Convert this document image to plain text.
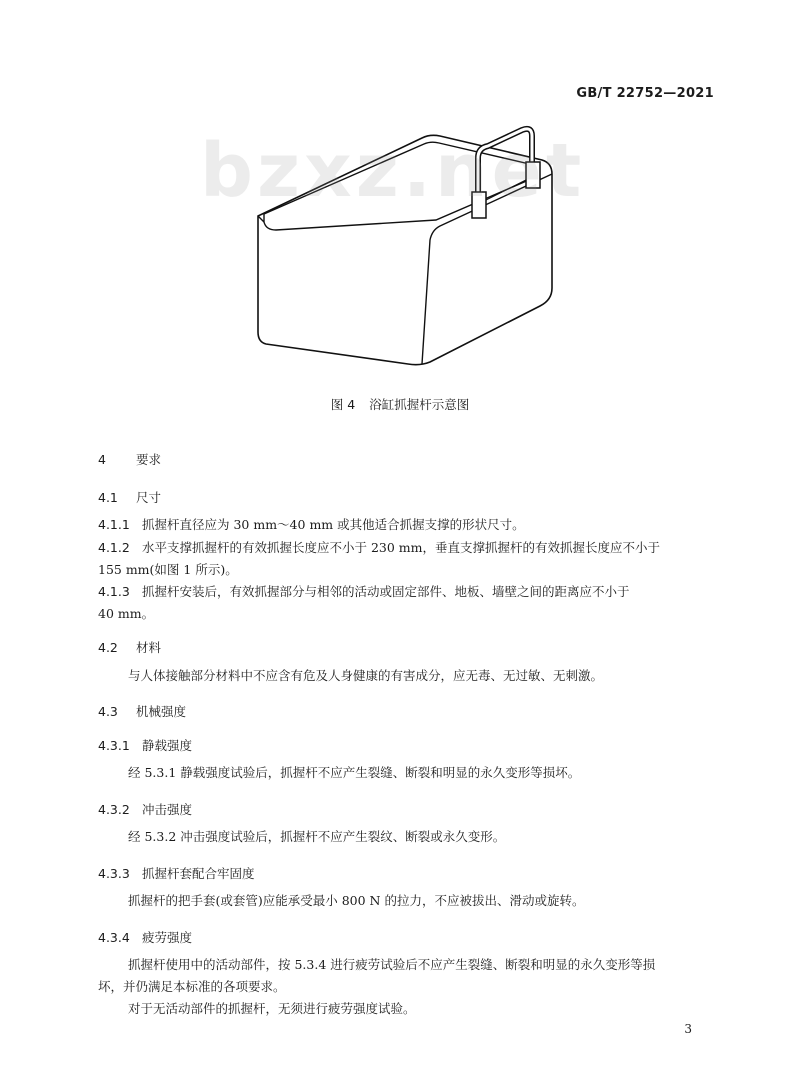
GB/T 22752—2021
bzxz.net
图 4 浴缸抓握杆示意图
4 要求
4.1 尺寸
4.1.1 抓握杆直径应为 30 mm～40 mm 或其他适合抓握支撑的形状尺寸。
4.1.2 水平支撑抓握杆的有效抓握长度应不小于 230 mm，垂直支撑抓握杆的有效抓握长度应不小于
155 mm(如图 1 所示)。
4.1.3 抓握杆安装后，有效抓握部分与相邻的活动或固定部件、地板、墙壁之间的距离应不小于
40 mm。
4.2 材料
与人体接触部分材料中不应含有危及人身健康的有害成分，应无毒、无过敏、无刺激。
4.3 机械强度
4.3.1 静载强度
经 5.3.1 静载强度试验后，抓握杆不应产生裂缝、断裂和明显的永久变形等损坏。
4.3.2 冲击强度
经 5.3.2 冲击强度试验后，抓握杆不应产生裂纹、断裂或永久变形。
4.3.3 抓握杆套配合牢固度
抓握杆的把手套(或套管)应能承受最小 800 N 的拉力，不应被拔出、滑动或旋转。
4.3.4 疲劳强度
抓握杆使用中的活动部件，按 5.3.4 进行疲劳试验后不应产生裂缝、断裂和明显的永久变形等损
坏，并仍满足本标准的各项要求。
对于无活动部件的抓握杆，无须进行疲劳强度试验。
3
